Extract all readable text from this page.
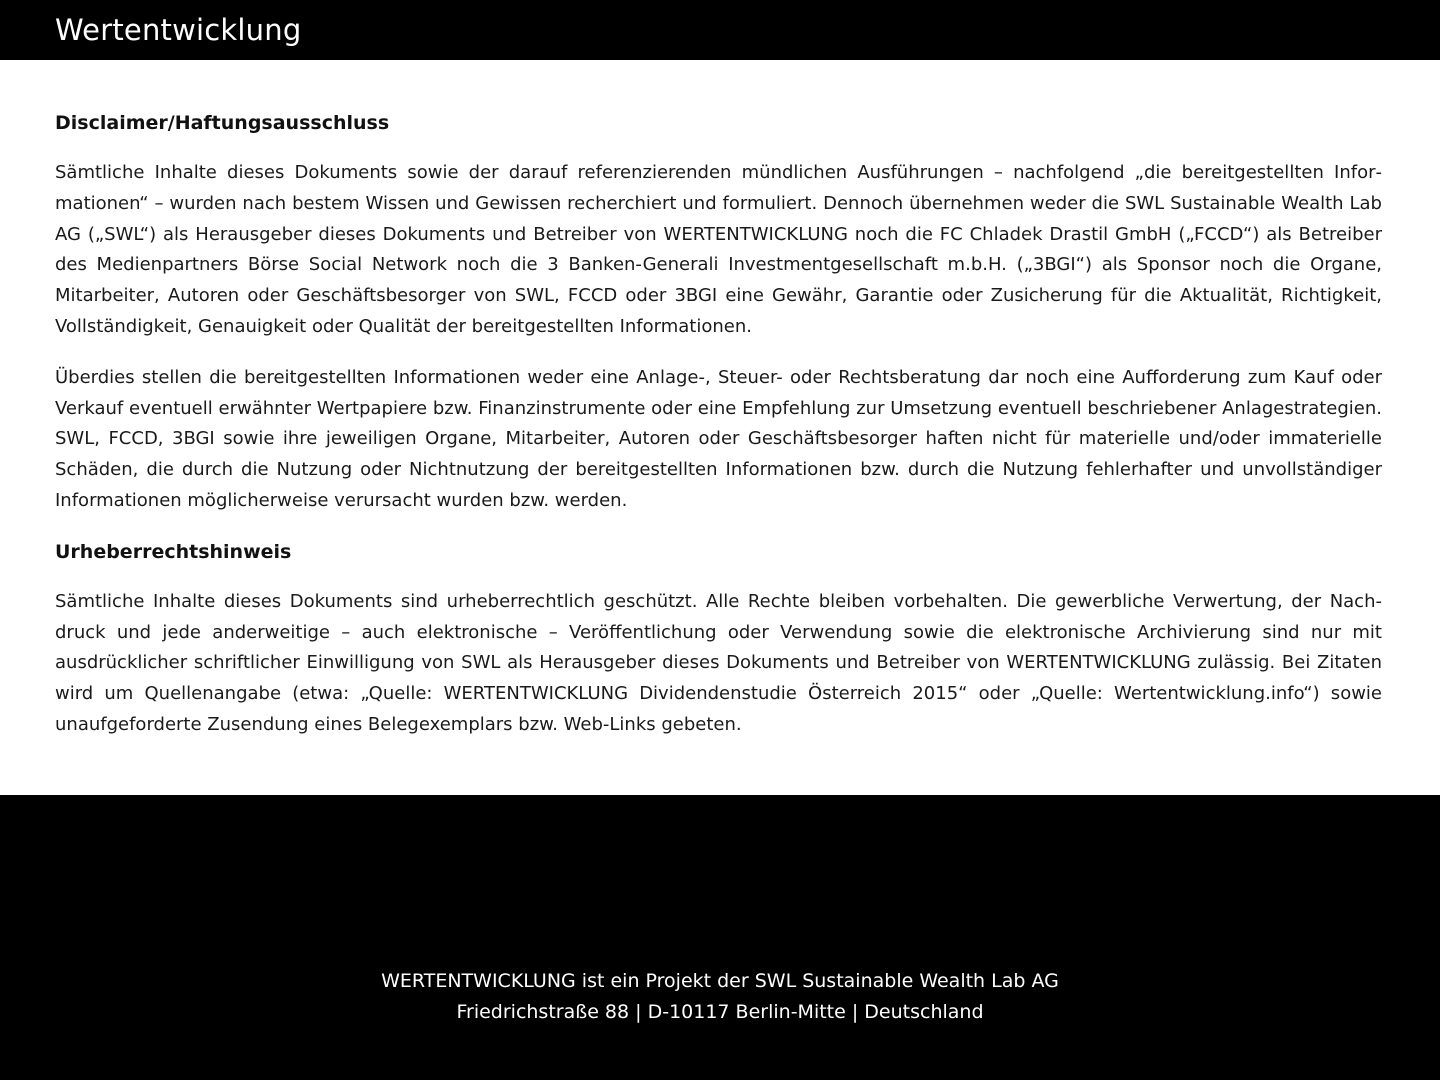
Wertentwicklung
Disclaimer/Haftungsausschluss

Sämtliche Inhalte dieses Dokuments sowie der darauf referenzierenden mündlichen Ausführungen – nachfolgend „die bereitgestellten Informationen“ – wurden nach bestem Wissen und Gewissen recherchiert und formuliert. Dennoch übernehmen weder die SWL Sustainable Wealth Lab AG („SWL“) als Herausgeber dieses Dokuments und Betreiber von WERTENTWICKLUNG noch die FC Chladek Drastil GmbH („FCCD“) als Betreiber des Medienpartners Börse Social Network noch die 3 Banken-Generali Investmentgesellschaft m.b.H. („3BGI“) als Sponsor noch die Organe, Mitarbeiter, Autoren oder Geschäftsbesorger von SWL, FCCD oder 3BGI eine Gewähr, Garantie oder Zusicherung für die Aktualität, Richtigkeit, Vollständigkeit, Genauigkeit oder Qualität der bereitgestellten Informationen.

Überdies stellen die bereitgestellten Informationen weder eine Anlage-, Steuer- oder Rechtsberatung dar noch eine Aufforderung zum Kauf oder Verkauf eventuell erwähnter Wertpapiere bzw. Finanzinstrumente oder eine Empfehlung zur Umsetzung eventuell beschriebener Anlagestrategien. SWL, FCCD, 3BGI sowie ihre jeweiligen Organe, Mitarbeiter, Autoren oder Geschäftsbesorger haften nicht für materielle und/oder immaterielle Schäden, die durch die Nutzung oder Nichtnutzung der bereitgestellten Informationen bzw. durch die Nutzung fehlerhafter und unvollständiger Informationen möglicherweise verursacht wurden bzw. werden.

Urheberrechtshinweis

Sämtliche Inhalte dieses Dokuments sind urheberrechtlich geschützt. Alle Rechte bleiben vorbehalten. Die gewerbliche Verwertung, der Nachdruck und jede anderweitige – auch elektronische – Veröffentlichung oder Verwendung sowie die elektronische Archivierung sind nur mit ausdrücklicher schriftlicher Einwilligung von SWL als Herausgeber dieses Dokuments und Betreiber von WERTENTWICKLUNG zulässig. Bei Zitaten wird um Quellenangabe (etwa: „Quelle: WERTENTWICKLUNG Dividendenstudie Österreich 2015“ oder „Quelle: Wertentwicklung.info“) sowie unaufgeforderte Zusendung eines Belegexemplars bzw. Web-Links gebeten.

WERTENTWICKLUNG ist ein Projekt der SWL Sustainable Wealth Lab AG
Friedrichstraße 88 | D-10117 Berlin-Mitte | Deutschland
